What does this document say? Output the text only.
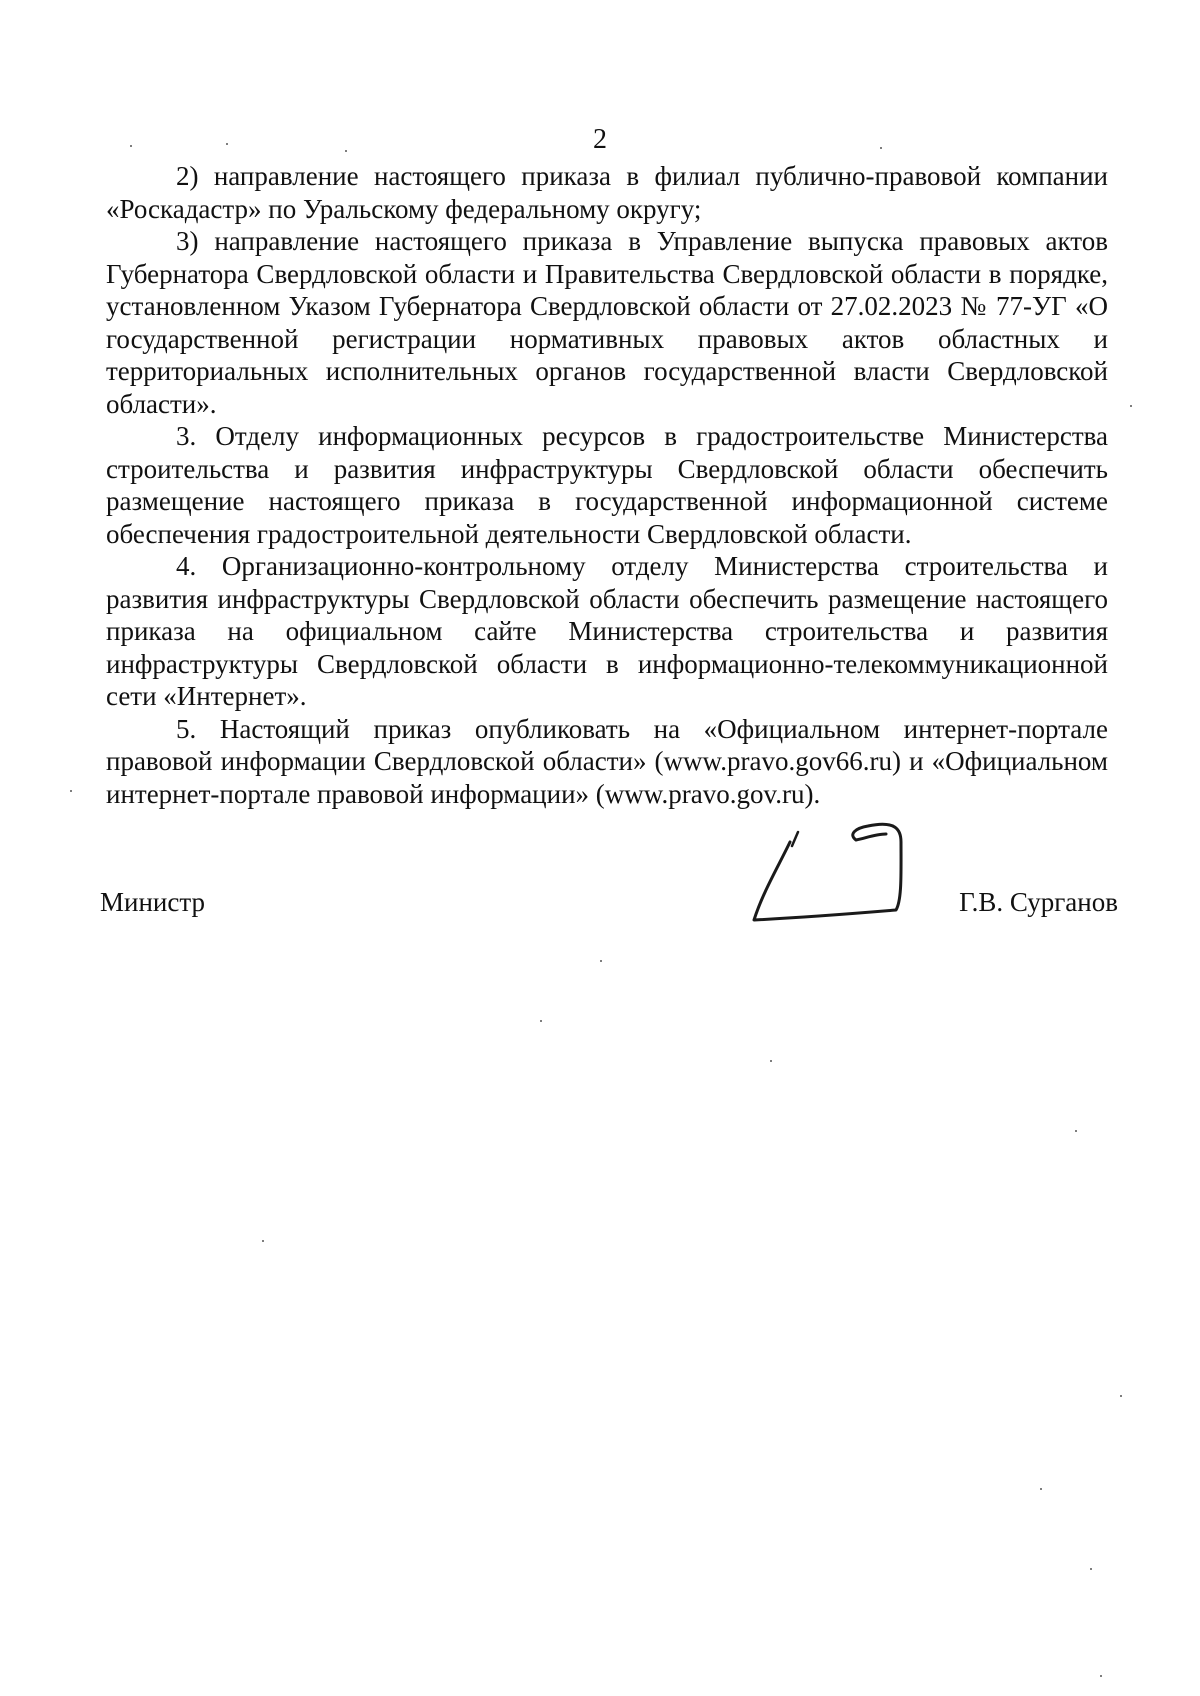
2

2) направление настоящего приказа в филиал публично-правовой компании «Роскадастр» по Уральскому федеральному округу;

3) направление настоящего приказа в Управление выпуска правовых актов Губернатора Свердловской области и Правительства Свердловской области в порядке, установленном Указом Губернатора Свердловской области от 27.02.2023 № 77-УГ «О государственной регистрации нормативных правовых актов областных и территориальных исполнительных органов государственной власти Свердловской области».

3. Отделу информационных ресурсов в градостроительстве Министерства строительства и развития инфраструктуры Свердловской области обеспечить размещение настоящего приказа в государственной информационной системе обеспечения градостроительной деятельности Свердловской области.

4. Организационно-контрольному отделу Министерства строительства и развития инфраструктуры Свердловской области обеспечить размещение настоящего приказа на официальном сайте Министерства строительства и развития инфраструктуры Свердловской области в информационно-телекоммуникационной сети «Интернет».

5. Настоящий приказ опубликовать на «Официальном интернет-портале правовой информации Свердловской области» (www.pravo.gov66.ru) и «Официальном интернет-портале правовой информации» (www.pravo.gov.ru).

Министр	Г.В. Сурганов
